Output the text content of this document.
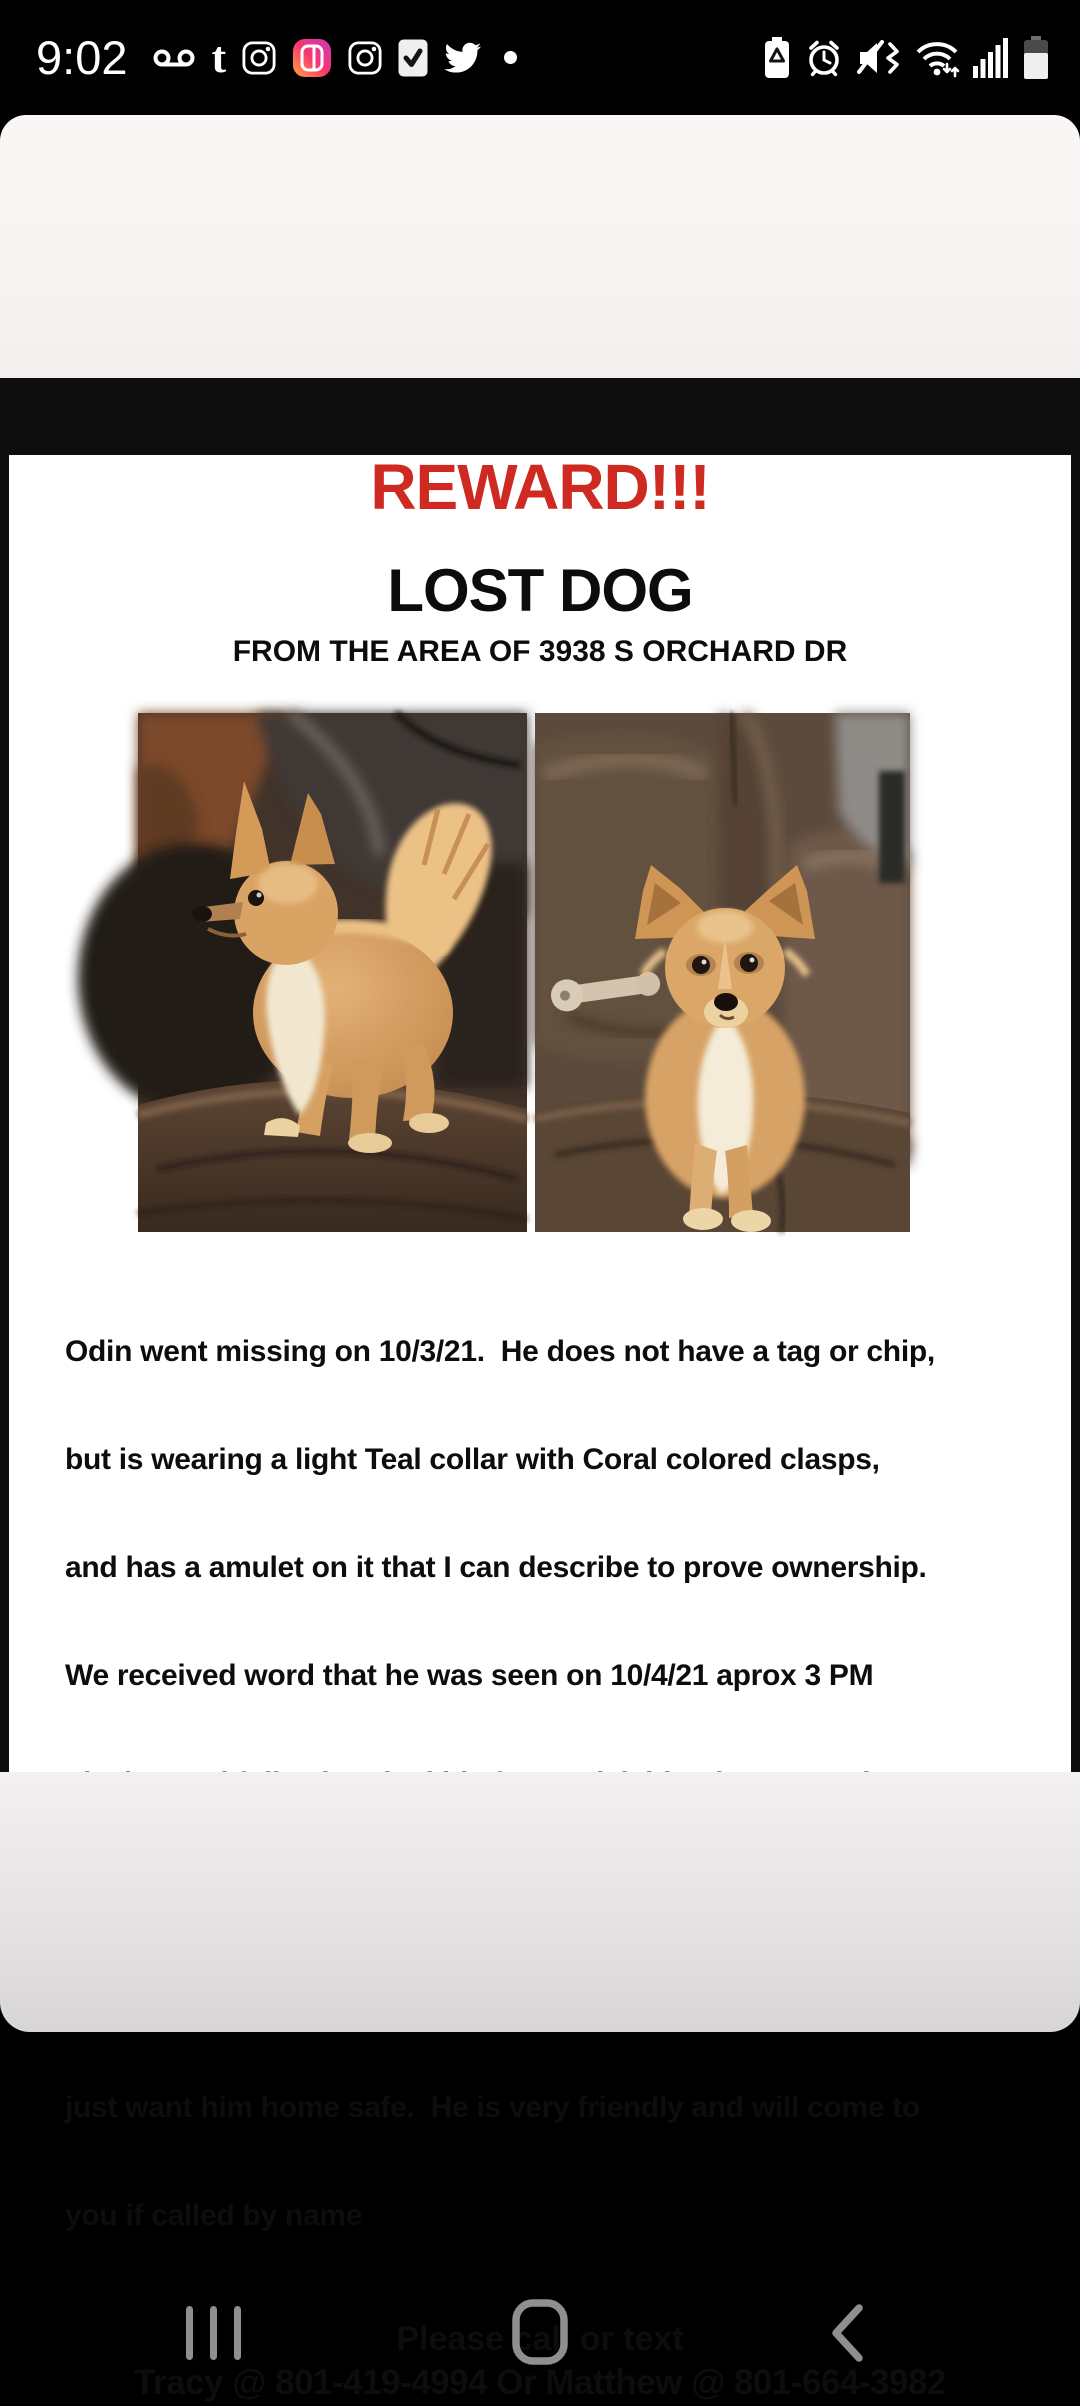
9:02 t
REWARD!!!
LOST DOG
FROM THE AREA OF 3938 S ORCHARD DR

Odin went missing on 10/3/21.  He does not have a tag or chip,

but is wearing a light Teal collar with Coral colored clasps,

and has a amulet on it that I can describe to prove ownership.

We received word that he was seen on 10/4/21 aprox 3 PM

just want him home safe.  He is very friendly and will come to

you if called by name

Please call or text
Tracy @ 801-419-4994 Or Matthew @ 801-664-3982
